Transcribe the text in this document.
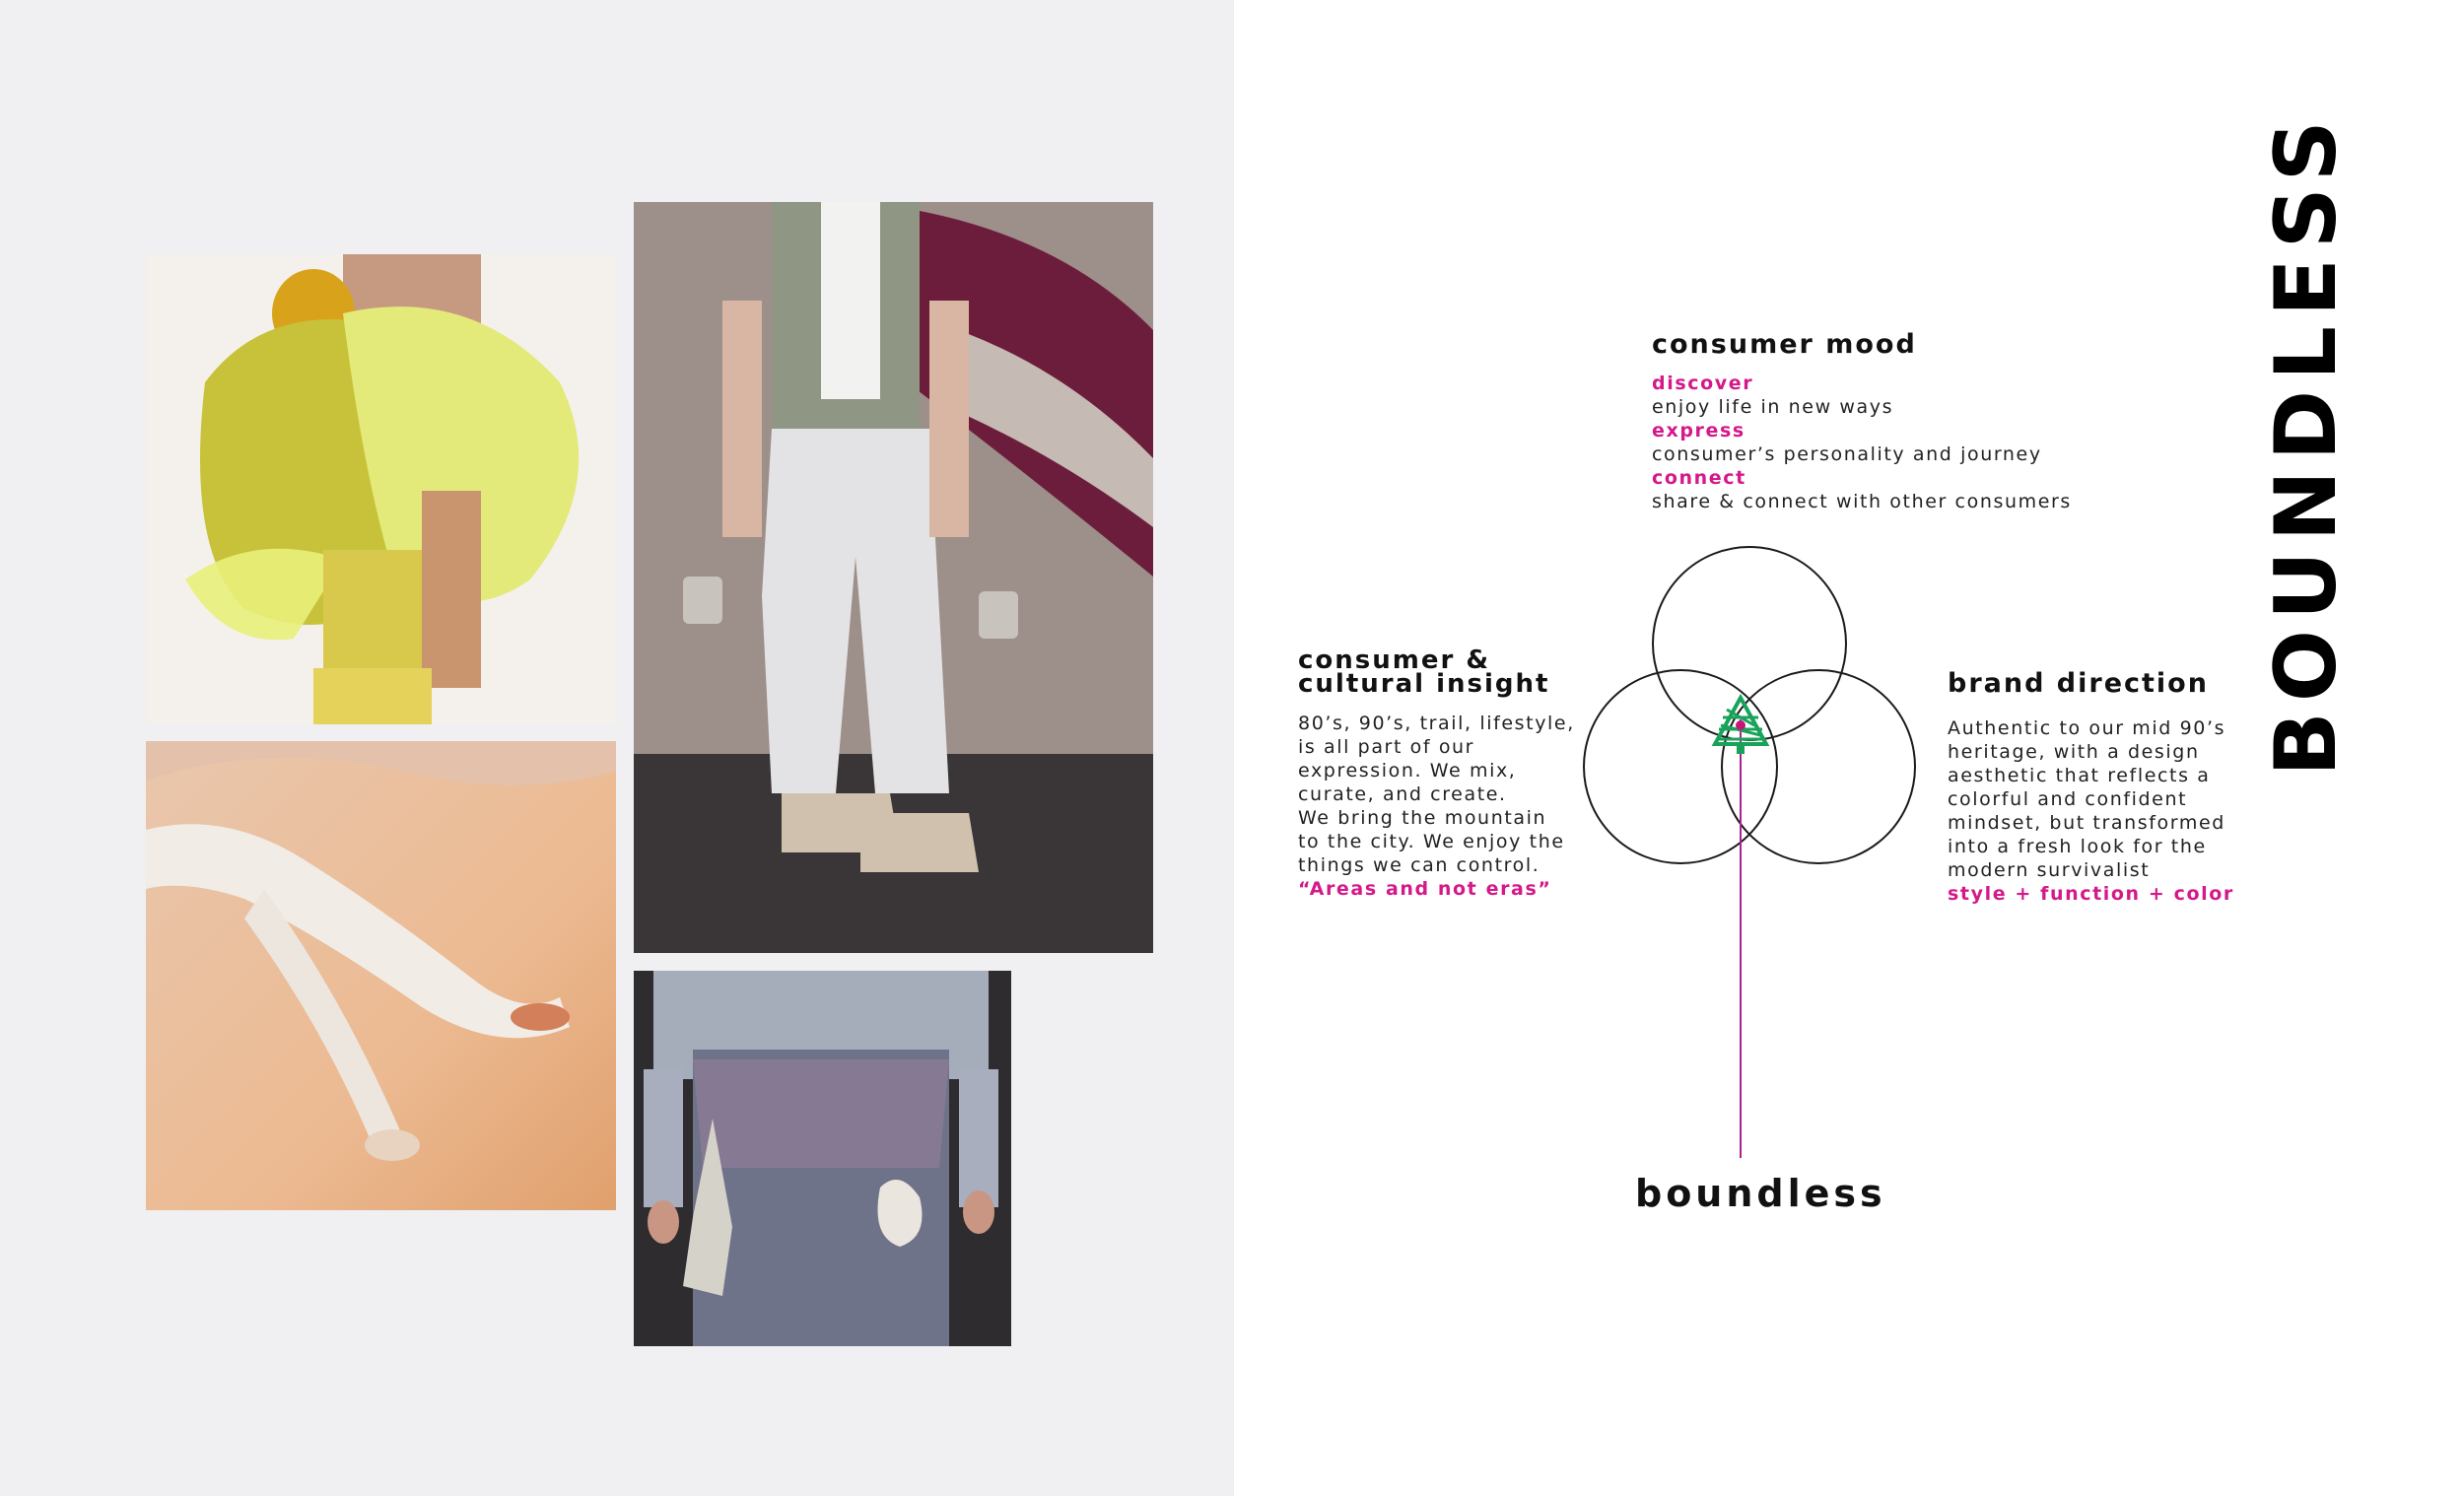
BOUNDLESS
consumer mood
discover
enjoy life in new ways
express
consumer’s personality and journey
connect
share & connect with other consumers
consumer &
cultural insight
80’s, 90’s, trail, lifestyle,
is all part of our
expression. We mix,
curate, and create.
We bring the mountain
to the city. We enjoy the
things we can control.
“Areas and not eras”
brand direction
Authentic to our mid 90’s
heritage, with a design
aesthetic that reflects a
colorful and confident
mindset, but transformed
into a fresh look for the
modern survivalist
style + function + color
boundless
